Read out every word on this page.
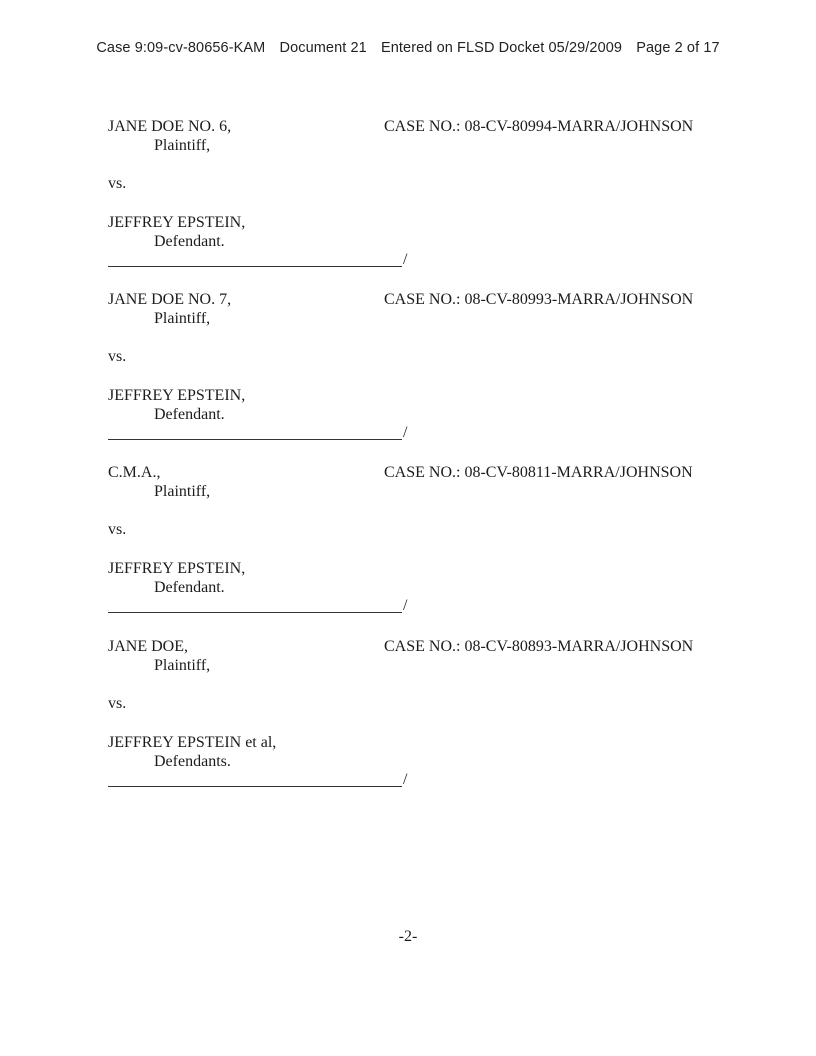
Case 9:09-cv-80656-KAM Document 21 Entered on FLSD Docket 05/29/2009 Page 2 of 17
JANE DOE NO. 6,	CASE NO.: 08-CV-80994-MARRA/JOHNSON
Plaintiff,
vs.
JEFFREY EPSTEIN,
Defendant.
/
JANE DOE NO. 7,	CASE NO.: 08-CV-80993-MARRA/JOHNSON
Plaintiff,
vs.
JEFFREY EPSTEIN,
Defendant.
/
C.M.A.,	CASE NO.: 08-CV-80811-MARRA/JOHNSON
Plaintiff,
vs.
JEFFREY EPSTEIN,
Defendant.
/
JANE DOE,	CASE NO.: 08-CV-80893-MARRA/JOHNSON
Plaintiff,
vs.
JEFFREY EPSTEIN et al,
Defendants.
/
-2-
